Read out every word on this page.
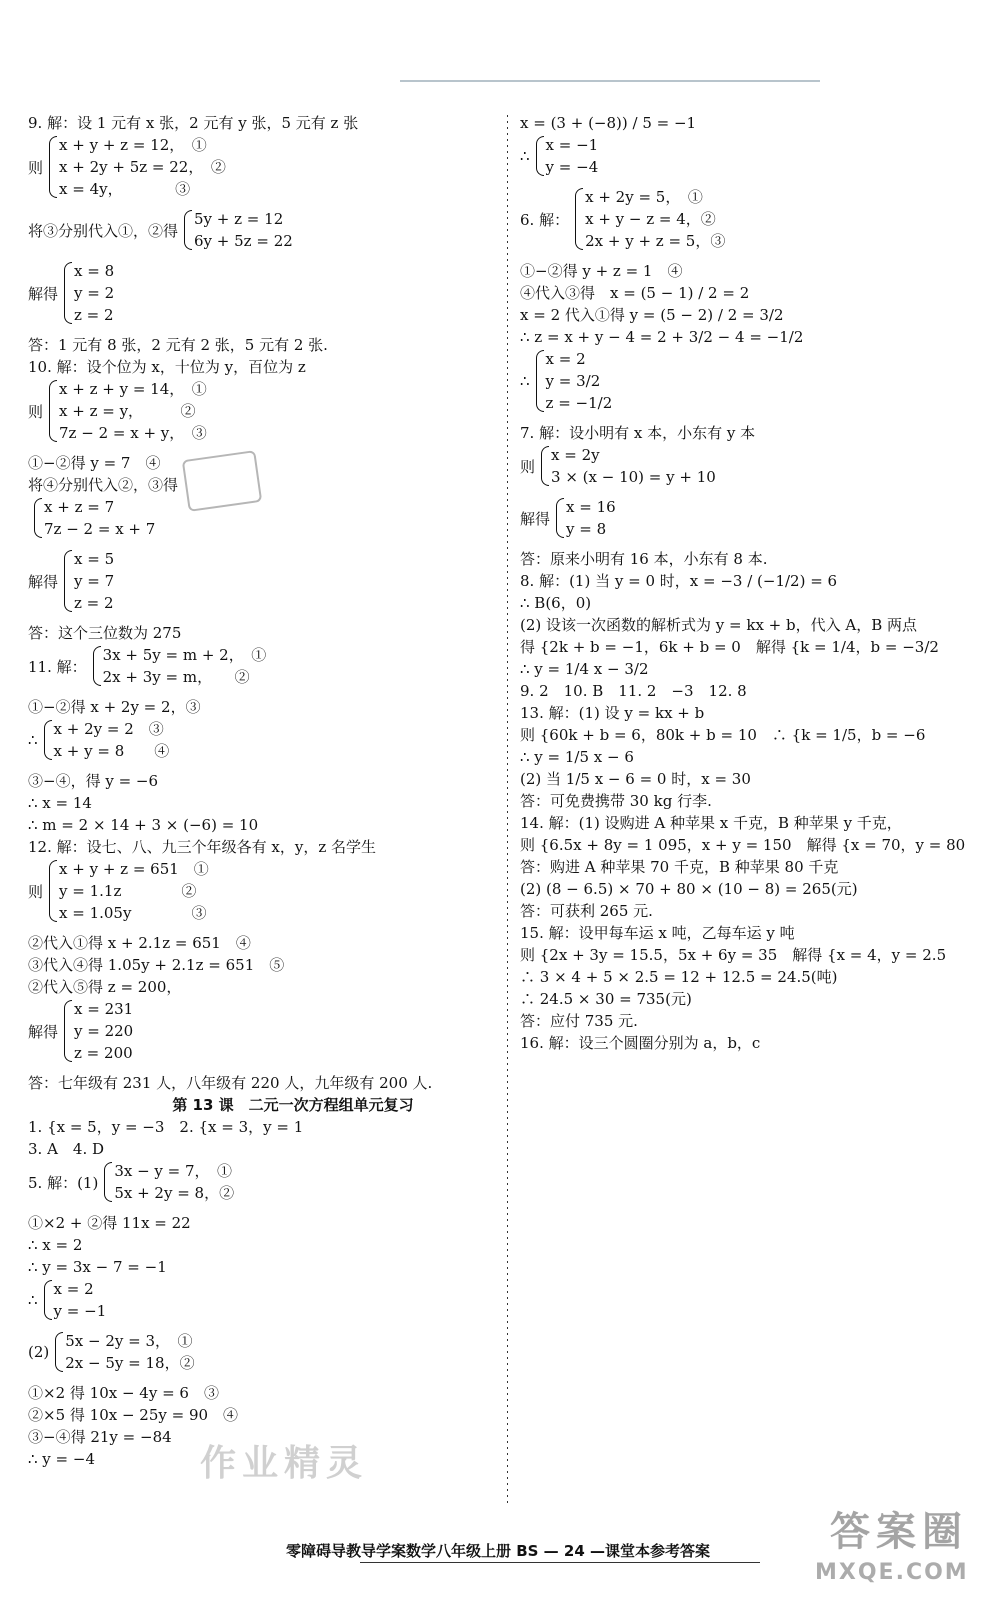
9. 解：设 1 元有 x 张，2 元有 y 张，5 元有 z 张
则
x + y + z = 12，　①
x + 2y + 5z = 22，　②
x = 4y，　　　　③
将③分别代入①，②得
5y + z = 12
6y + 5z = 22
解得
x = 8
y = 2
z = 2
答：1 元有 8 张，2 元有 2 张，5 元有 2 张.
10. 解：设个位为 x，十位为 y，百位为 z
则
x + z + y = 14，　①
x + z = y，　　　②
7z − 2 = x + y，　③
①−②得 y = 7　④
将④分别代入②，③得
x + z = 7
7z − 2 = x + 7
解得
x = 5
y = 7
z = 2
答：这个三位数为 275
11. 解：
3x + 5y = m + 2，　①
2x + 3y = m，　　②
①−②得 x + 2y = 2，③
∴
x + 2y = 2　③
x + y = 8　　④
③−④，得 y = −6
∴ x = 14
∴ m = 2 × 14 + 3 × (−6) = 10
12. 解：设七、八、九三个年级各有 x，y，z 名学生
则
x + y + z = 651　①
y = 1.1z　　　　②
x = 1.05y　　　　③
②代入①得 x + 2.1z = 651　④
③代入④得 1.05y + 2.1z = 651　⑤
②代入⑤得 z = 200，
解得
x = 231
y = 220
z = 200
答：七年级有 231 人，八年级有 220 人，九年级有 200 人.
第 13 课　二元一次方程组单元复习
1. {x = 5，y = −3　2. {x = 3，y = 1
3. A　4. D
5. 解：(1)
3x − y = 7，　①
5x + 2y = 8，②
①×2 + ②得 11x = 22
∴ x = 2
∴ y = 3x − 7 = −1
∴
x = 2
y = −1
(2)
5x − 2y = 3，　①
2x − 5y = 18，②
①×2 得 10x − 4y = 6　③
②×5 得 10x − 25y = 90　④
③−④得 21y = −84
∴ y = −4
x = (3 + (−8)) / 5 = −1
∴
x = −1
y = −4
6. 解：
x + 2y = 5，　①
x + y − z = 4，②
2x + y + z = 5，③
①−②得 y + z = 1　④
④代入③得　x = (5 − 1) / 2 = 2
x = 2 代入①得 y = (5 − 2) / 2 = 3/2
∴ z = x + y − 4 = 2 + 3/2 − 4 = −1/2
∴
x = 2
y = 3/2
z = −1/2
7. 解：设小明有 x 本，小东有 y 本
则
x = 2y
3 × (x − 10) = y + 10
解得
x = 16
y = 8
答：原来小明有 16 本，小东有 8 本.
8. 解：(1) 当 y = 0 时，x = −3 / (−1/2) = 6
∴ B(6，0)
(2) 设该一次函数的解析式为 y = kx + b，代入 A，B 两点
得 {2k + b = −1，6k + b = 0　解得 {k = 1/4，b = −3/2
∴ y = 1/4 x − 3/2
9. 2　10. B　11. 2　−3　12. 8
13. 解：(1) 设 y = kx + b
则 {60k + b = 6，80k + b = 10　∴ {k = 1/5，b = −6
∴ y = 1/5 x − 6
(2) 当 1/5 x − 6 = 0 时，x = 30
答：可免费携带 30 kg 行李.
14. 解：(1) 设购进 A 种苹果 x 千克，B 种苹果 y 千克，
则 {6.5x + 8y = 1 095，x + y = 150　解得 {x = 70，y = 80
答：购进 A 种苹果 70 千克，B 种苹果 80 千克
(2) (8 − 6.5) × 70 + 80 × (10 − 8) = 265(元)
答：可获利 265 元.
15. 解：设甲每车运 x 吨，乙每车运 y 吨
则 {2x + 3y = 15.5，5x + 6y = 35　解得 {x = 4，y = 2.5
∴ 3 × 4 + 5 × 2.5 = 12 + 12.5 = 24.5(吨)
∴ 24.5 × 30 = 735(元)
答：应付 735 元.
16. 解：设三个圆圈分别为 a，b，c
作业精灵
答案圈
MXQE.COM
零障碍导教导学案数学八年级上册 BS — 24 —课堂本参考答案
